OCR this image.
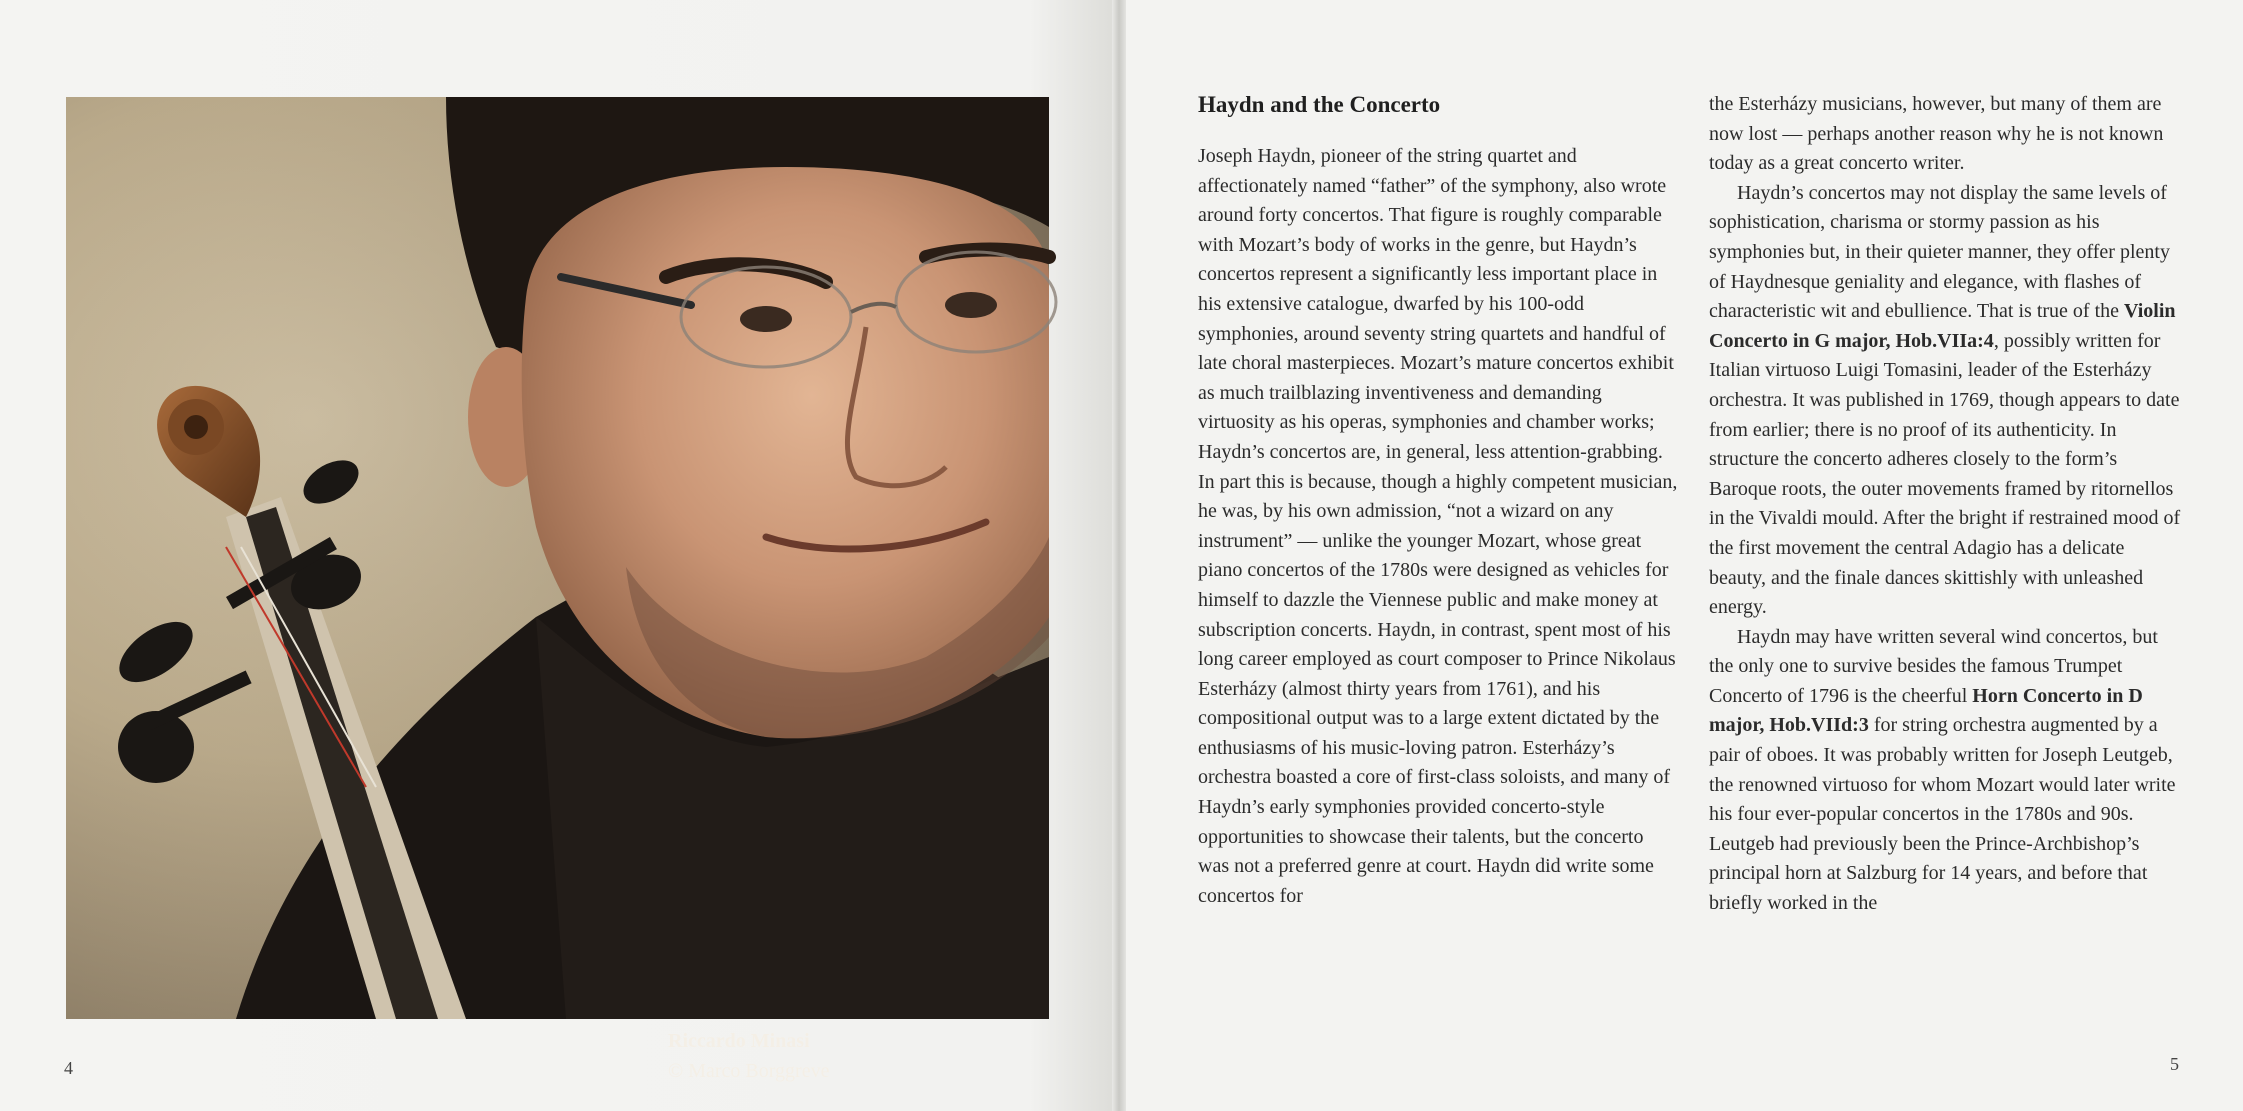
Riccardo Minasi
© Marco Borggreve
4
Haydn and the Concerto

Joseph Haydn, pioneer of the string quartet and affectionately named “father” of the symphony, also wrote around forty concertos. That figure is roughly comparable with Mozart’s body of works in the genre, but Haydn’s concertos represent a significantly less important place in his extensive catalogue, dwarfed by his 100-odd symphonies, around seventy string quartets and handful of late choral masterpieces. Mozart’s mature concertos exhibit as much trailblazing inventiveness and demanding virtuosity as his operas, symphonies and chamber works; Haydn’s concertos are, in general, less attention-grabbing. In part this is because, though a highly competent musician, he was, by his own admission, “not a wizard on any instrument” — unlike the younger Mozart, whose great piano concertos of the 1780s were designed as vehicles for himself to dazzle the Viennese public and make money at subscription concerts. Haydn, in contrast, spent most of his long career employed as court composer to Prince Nikolaus Esterházy (almost thirty years from 1761), and his compositional output was to a large extent dictated by the enthusiasms of his music-loving patron. Esterházy’s orchestra boasted a core of first-class soloists, and many of Haydn’s early symphonies provided concerto-style opportunities to showcase their talents, but the concerto was not a preferred genre at court. Haydn did write some concertos for

the Esterházy musicians, however, but many of them are now lost — perhaps another reason why he is not known today as a great concerto writer.

Haydn’s concertos may not display the same levels of sophistication, charisma or stormy passion as his symphonies but, in their quieter manner, they offer plenty of Haydnesque geniality and elegance, with flashes of characteristic wit and ebullience. That is true of the Violin Concerto in G major, Hob.VIIa:4, possibly written for Italian virtuoso Luigi Tomasini, leader of the Esterházy orchestra. It was published in 1769, though appears to date from earlier; there is no proof of its authenticity. In structure the concerto adheres closely to the form’s Baroque roots, the outer movements framed by ritornellos in the Vivaldi mould. After the bright if restrained mood of the first movement the central Adagio has a delicate beauty, and the finale dances skittishly with unleashed energy.

Haydn may have written several wind concertos, but the only one to survive besides the famous Trumpet Concerto of 1796 is the cheerful Horn Concerto in D major, Hob.VIId:3 for string orchestra augmented by a pair of oboes. It was probably written for Joseph Leutgeb, the renowned virtuoso for whom Mozart would later write his four ever-popular concertos in the 1780s and 90s. Leutgeb had previously been the Prince-Archbishop’s principal horn at Salzburg for 14 years, and before that briefly worked in the

5
